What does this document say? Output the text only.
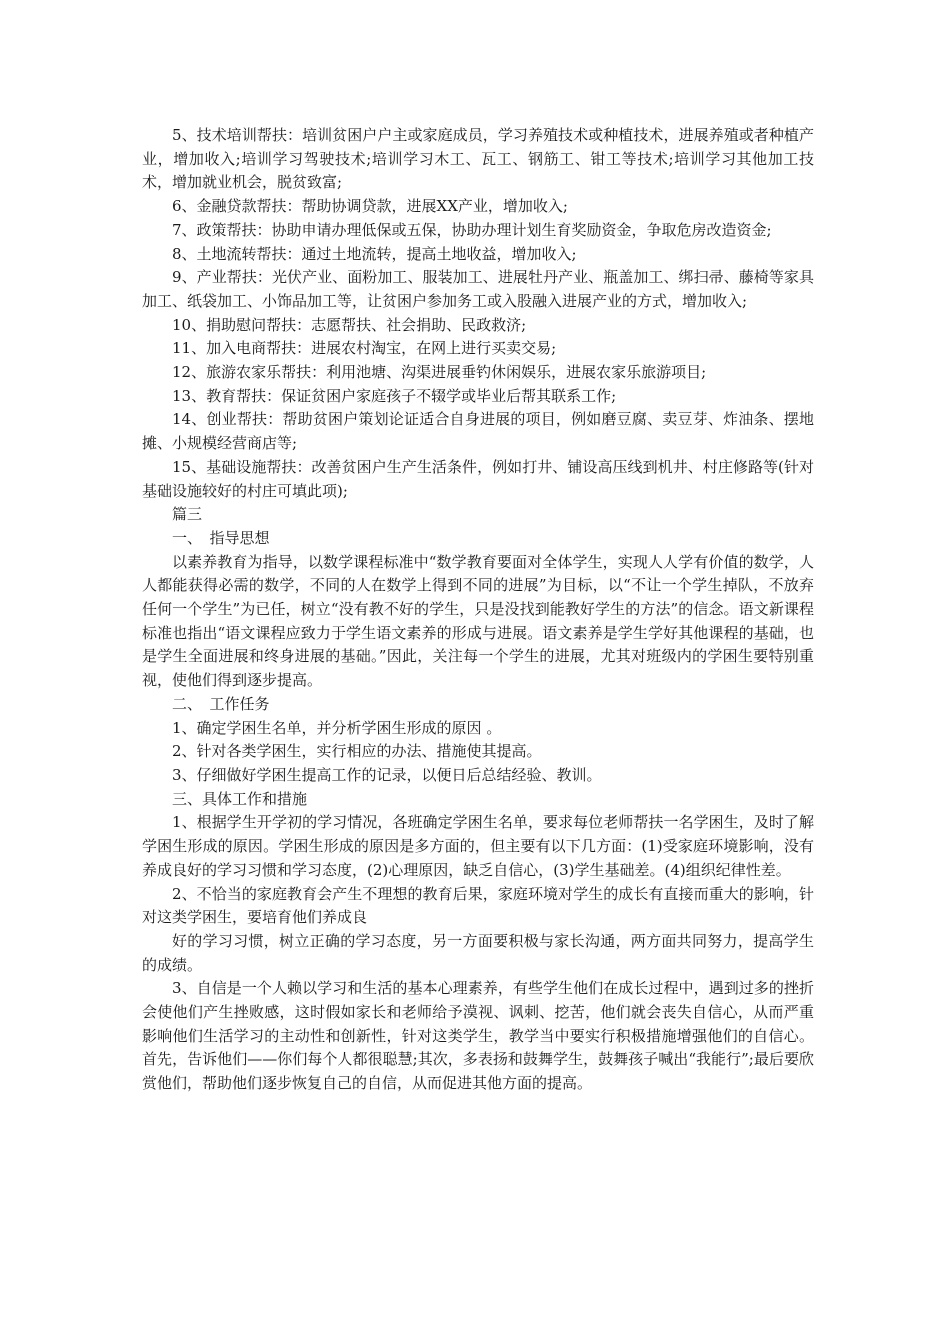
5、技术培训帮扶：培训贫困户户主或家庭成员，学习养殖技术或种植技术，进展养殖或者种植产业，增加收入;培训学习驾驶技术;培训学习木工、瓦工、钢筋工、钳工等技术;培训学习其他加工技术，增加就业机会，脱贫致富;

6、金融贷款帮扶：帮助协调贷款，进展XX产业，增加收入;

7、政策帮扶：协助申请办理低保或五保，协助办理计划生育奖励资金，争取危房改造资金;

8、土地流转帮扶：通过土地流转，提高土地收益，增加收入;

9、产业帮扶：光伏产业、面粉加工、服装加工、进展牡丹产业、瓶盖加工、绑扫帚、藤椅等家具加工、纸袋加工、小饰品加工等，让贫困户参加务工或入股融入进展产业的方式，增加收入;

10、捐助慰问帮扶：志愿帮扶、社会捐助、民政救济;

11、加入电商帮扶：进展农村淘宝，在网上进行买卖交易;

12、旅游农家乐帮扶：利用池塘、沟渠进展垂钓休闲娱乐，进展农家乐旅游项目;

13、教育帮扶：保证贫困户家庭孩子不辍学或毕业后帮其联系工作;

14、创业帮扶：帮助贫困户策划论证适合自身进展的项目，例如磨豆腐、卖豆芽、炸油条、摆地摊、小规模经营商店等;

15、基础设施帮扶：改善贫困户生产生活条件，例如打井、铺设高压线到机井、村庄修路等(针对基础设施较好的村庄可填此项);

篇三

一、　指导思想

以素养教育为指导，以数学课程标准中“数学教育要面对全体学生，实现人人学有价值的数学，人人都能获得必需的数学，不同的人在数学上得到不同的进展”为目标，以“不让一个学生掉队，不放弃任何一个学生”为已任，树立“没有教不好的学生，只是没找到能教好学生的方法”的信念。语文新课程标准也指出“语文课程应致力于学生语文素养的形成与进展。语文素养是学生学好其他课程的基础，也是学生全面进展和终身进展的基础。”因此，关注每一个学生的进展，尤其对班级内的学困生要特别重视，使他们得到逐步提高。

二、　工作任务

1、确定学困生名单，并分析学困生形成的原因 。

2、针对各类学困生，实行相应的办法、措施使其提高。

3、仔细做好学困生提高工作的记录，以便日后总结经验、教训。

三、具体工作和措施

1、根据学生开学初的学习情况，各班确定学困生名单，要求每位老师帮扶一名学困生，及时了解学困生形成的原因。学困生形成的原因是多方面的，但主要有以下几方面：(1)受家庭环境影响，没有养成良好的学习习惯和学习态度，(2)心理原因，缺乏自信心，(3)学生基础差。(4)组织纪律性差。

2、不恰当的家庭教育会产生不理想的教育后果，家庭环境对学生的成长有直接而重大的影响，针对这类学困生，要培育他们养成良

好的学习习惯，树立正确的学习态度，另一方面要积极与家长沟通，两方面共同努力，提高学生的成绩。

3、自信是一个人赖以学习和生活的基本心理素养，有些学生他们在成长过程中，遇到过多的挫折会使他们产生挫败感，这时假如家长和老师给予漠视、讽刺、挖苦，他们就会丧失自信心，从而严重影响他们生活学习的主动性和创新性，针对这类学生，教学当中要实行积极措施增强他们的自信心。首先，告诉他们——你们每个人都很聪慧;其次，多表扬和鼓舞学生，鼓舞孩子喊出“我能行”;最后要欣赏他们，帮助他们逐步恢复自己的自信，从而促进其他方面的提高。
